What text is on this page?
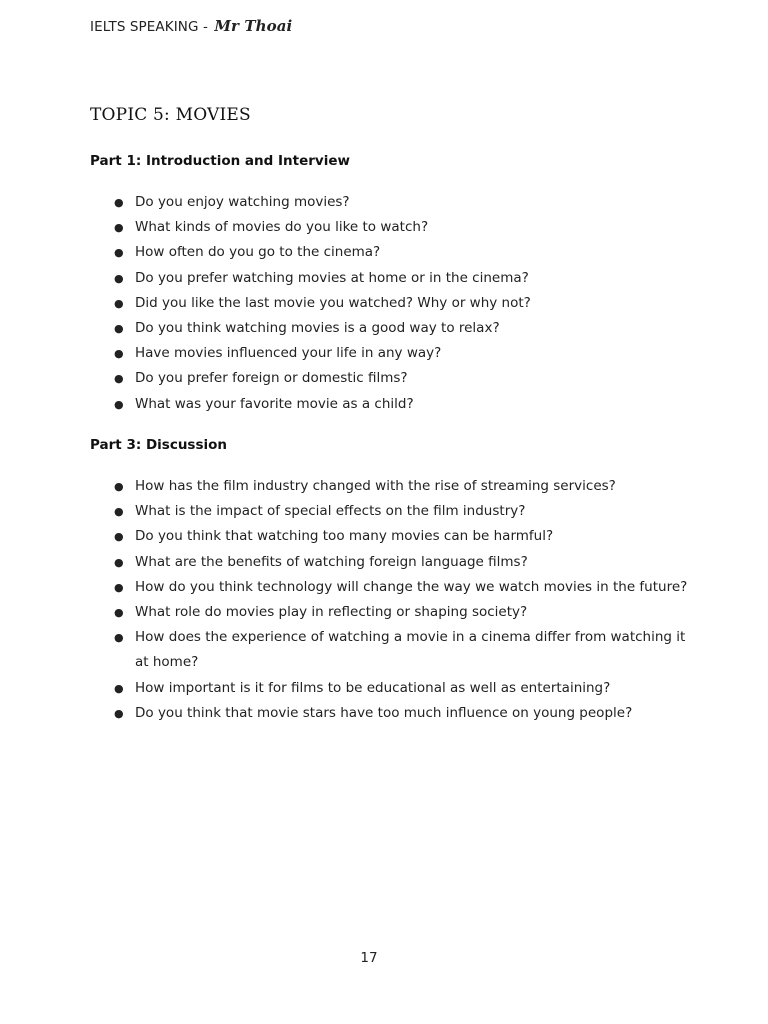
IELTS SPEAKING - Mr Thoai
TOPIC 5: MOVIES
Part 1: Introduction and Interview
● Do you enjoy watching movies?
● What kinds of movies do you like to watch?
● How often do you go to the cinema?
● Do you prefer watching movies at home or in the cinema?
● Did you like the last movie you watched? Why or why not?
● Do you think watching movies is a good way to relax?
● Have movies influenced your life in any way?
● Do you prefer foreign or domestic films?
● What was your favorite movie as a child?
Part 3: Discussion
● How has the film industry changed with the rise of streaming services?
● What is the impact of special effects on the film industry?
● Do you think that watching too many movies can be harmful?
● What are the benefits of watching foreign language films?
● How do you think technology will change the way we watch movies in the future?
● What role do movies play in reflecting or shaping society?
● How does the experience of watching a movie in a cinema differ from watching it at home?
● How important is it for films to be educational as well as entertaining?
● Do you think that movie stars have too much influence on young people?
17
